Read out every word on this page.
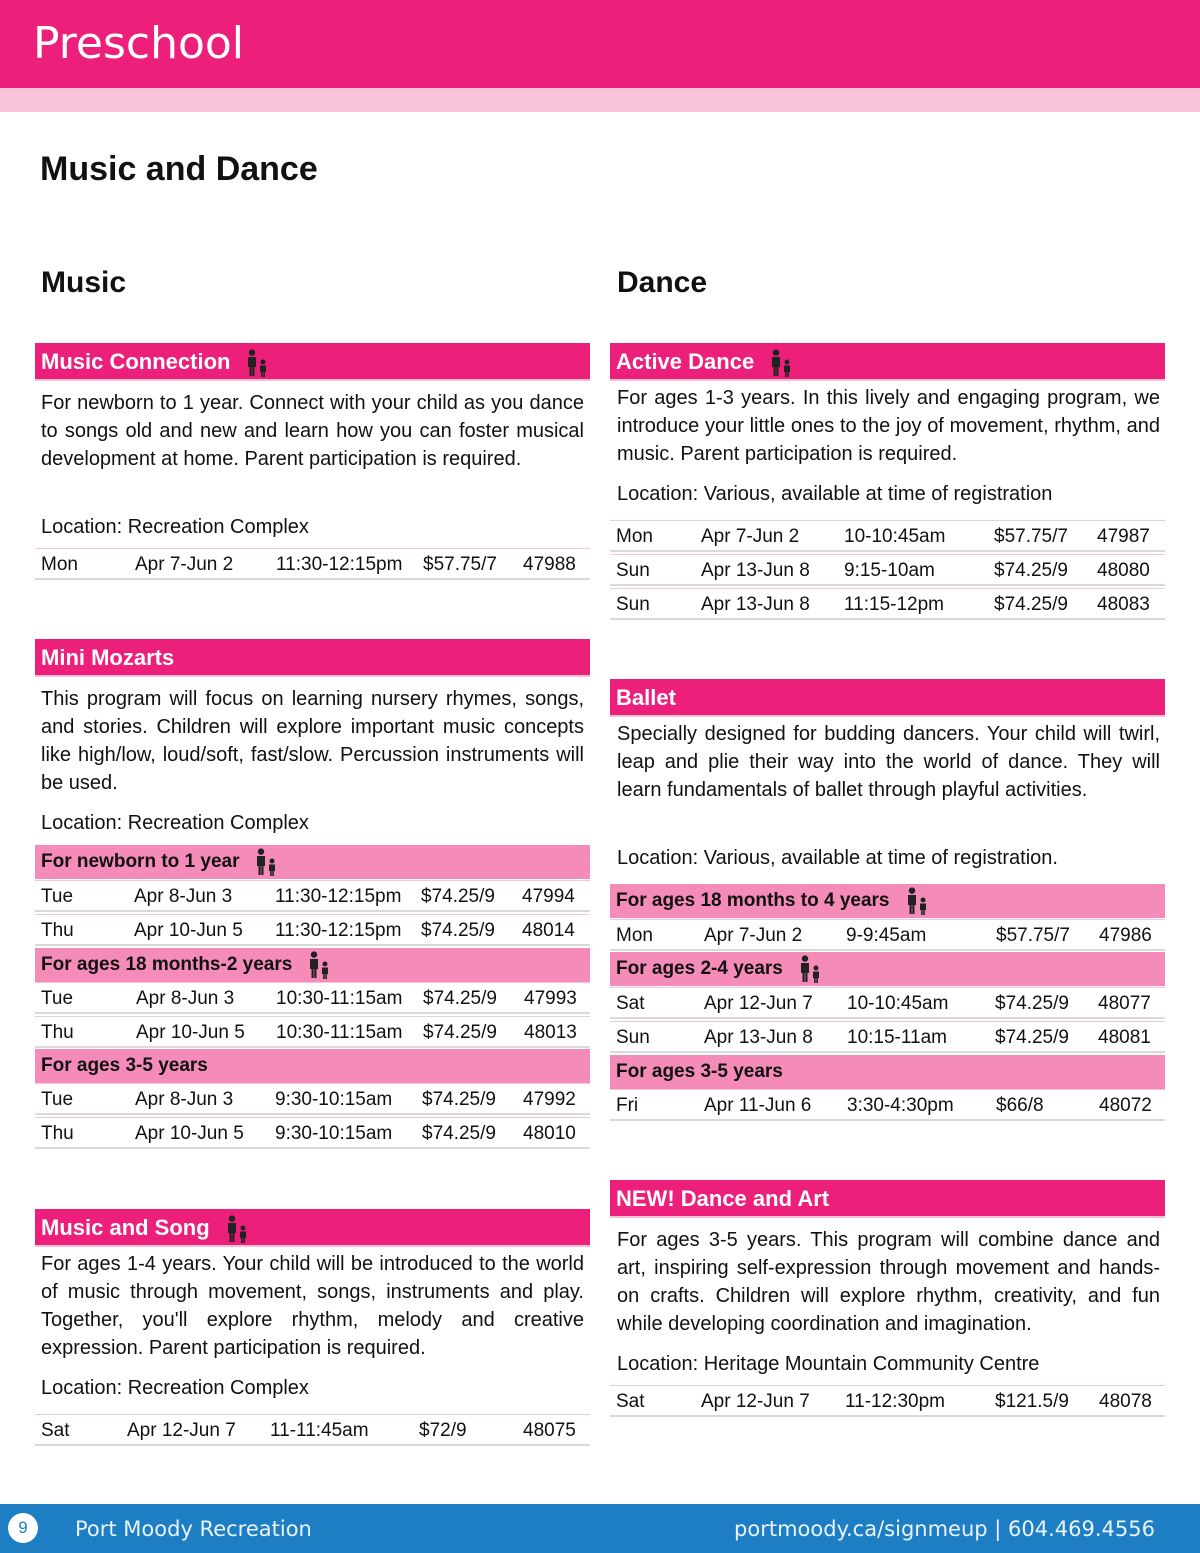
Preschool
Music and Dance
Music	Dance
Music Connection
For newborn to 1 year. Connect with your child as you dance to songs old and new and learn how you can foster musical development at home. Parent participation is required.
Location: Recreation Complex
Mon	Apr 7-Jun 2 11:30-12:15pm $57.75/7 47988
Mini Mozarts
This program will focus on learning nursery rhymes, songs, and stories. Children will explore important music concepts like high/low, loud/soft, fast/slow. Percussion instruments will be used.
Location: Recreation Complex
For newborn to 1 year
Tue	Apr 8-Jun 3 11:30-12:15pm $74.25/9 47994
Thu	Apr 10-Jun 5 11:30-12:15pm $74.25/9 48014
For ages 18 months-2 years
Tue	Apr 8-Jun 3 10:30-11:15am $74.25/9 47993
Thu	Apr 10-Jun 5 10:30-11:15am $74.25/9 48013
For ages 3-5 years
Tue	Apr 8-Jun 3 9:30-10:15am $74.25/9 47992
Thu	Apr 10-Jun 5 9:30-10:15am $74.25/9 48010
Music and Song
For ages 1-4 years. Your child will be introduced to the world of music through movement, songs, instruments and play. Together, you'll explore rhythm, melody and creative expression. Parent participation is required.
Location: Recreation Complex
Sat	Apr 12-Jun 7 11-11:45am	$72/9	48075
Active Dance
For ages 1-3 years. In this lively and engaging program, we introduce your little ones to the joy of movement, rhythm, and music. Parent participation is required.
Location: Various, available at time of registration
Mon	Apr 7-Jun 2 10-10:45am	$57.75/7 47987
Sun	Apr 13-Jun 8 9:15-10am	$74.25/9 48080
Sun	Apr 13-Jun 8 11:15-12pm	$74.25/9 48083
Ballet
Specially designed for budding dancers. Your child will twirl, leap and plie their way into the world of dance. They will learn fundamentals of ballet through playful activities.
Location: Various, available at time of registration.
For ages 18 months to 4 years
Mon	Apr 7-Jun 2 9-9:45am	$57.75/7 47986
For ages 2-4 years
Sat	Apr 12-Jun 7 10-10:45am $74.25/9 48077
Sun	Apr 13-Jun 8 10:15-11am	$74.25/9 48081
For ages 3-5 years
Fri	Apr 11-Jun 6 3:30-4:30pm $66/8	48072
NEW! Dance and Art
For ages 3-5 years. This program will combine dance and art, inspiring self-expression through movement and hands-on crafts. Children will explore rhythm, creativity, and fun while developing coordination and imagination.
Location: Heritage Mountain Community Centre
Sat	Apr 12-Jun 7 11-12:30pm	$121.5/9 48078
9	Port Moody Recreation	portmoody.ca/signmeup | 604.469.4556
